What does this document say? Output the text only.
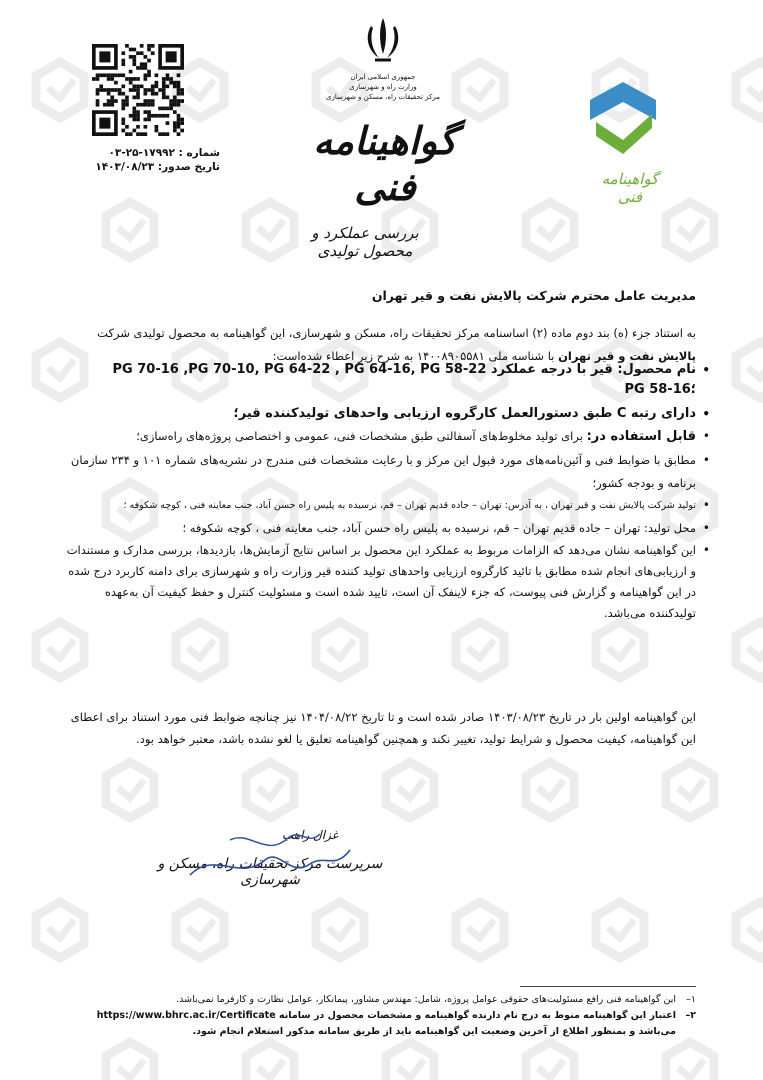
شماره : ۱۷۹۹۲-۲۵-۰۳
تاریخ صدور: ۱۴۰۳/۰۸/۲۳
جمهوری اسلامی ایران
وزارت راه و شهرسازی
مرکز تحقیقات راه، مسکن و شهرسازی
گواهینامه فنی
بررسی عملکرد و محصول تولیدی
گواهینامه فنی
مدیریت عامل محترم شرکت پالایش نفت و قیر تهران
به استناد جزء (ه) بند دوم ماده (۲) اساسنامه مرکز تحقیقات راه، مسکن و شهرسازی، این گواهینامه به محصول تولیدی شرکت پالایش نفت و قیر تهران با شناسه ملی ۱۴۰۰۸۹۰۵۵۸۱ به شرح زیر اعطاء شده‌است:
• نام محصول: قیر با درجه عملکرد PG 70-16 ,PG 70-10, PG 64-22 , PG 64-16, PG 58-22
PG 58-16؛
• دارای رتبه C طبق دستورالعمل کارگروه ارزیابی واحدهای تولیدکننده قیر؛
• قابل استفاده در: برای تولید مخلوط‌های آسفالتی طبق مشخصات فنی، عمومی و اختصاصی پروژه‌های راه‌سازی؛
• مطابق با ضوابط فنی و آئین‌نامه‌های مورد قبول این مرکز و با رعایت مشخصات فنی مندرج در نشریه‌های شماره ۱۰۱ و ۲۳۴ سازمان برنامه و بودجه کشور؛
• تولید شرکت پالایش نفت و قیر تهران ، به آدرس: تهران – جاده قدیم تهران – قم، نرسیده به پلیس راه حسن آباد، جنب معاینه فنی ، کوچه شکوفه ؛
• محل تولید: تهران – جاده قدیم تهران – قم، نرسیده به پلیس راه حسن آباد، جنب معاینه فنی ، کوچه شکوفه ؛
• این گواهینامه نشان می‌دهد که الزامات مربوط به عملکرد این محصول بر اساس نتایج آزمایش‌ها، بازدیدها، بررسی مدارک و مستندات و ارزیابی‌های انجام شده مطابق با تائید کارگروه ارزیابی واحدهای تولید کننده قیر وزارت راه و شهرسازی برای دامنه کاربرد درج شده در این گواهینامه و گزارش فنی پیوست، که جزء لاینفک آن است، تایید شده است و مسئولیت کنترل و حفظ کیفیت آن به‌عهده تولیدکننده می‌باشد.
این گواهینامه اولین بار در تاریخ ۱۴۰۳/۰۸/۲۳ صادر شده است و تا تاریخ ۱۴۰۴/۰۸/۲۲ نیز چنانچه ضوابط فنی مورد استناد برای اعطای این گواهینامه، کیفیت محصول و شرایط تولید، تغییر نکند و همچنین گواهینامه تعلیق یا لغو نشده باشد، معتبر خواهد بود.
غزال راهب
سرپرست مرکز تحقیقات راه، مسکن و شهرسازی
۱–
این گواهینامه فنی رافع مسئولیت‌های حقوقی عوامل پروژه، شامل: مهندس مشاور، پیمانکار، عوامل نظارت و کارفرما نمی‌باشد.
۲–
اعتبار این گواهینامه منوط به درج نام دارنده گواهینامه و مشخصات محصول در سامانه https://www.bhrc.ac.ir/Certificate می‌باشد و بمنظور اطلاع از آخرین وضعیت این گواهینامه باید از طریق سامانه مذکور استعلام انجام شود.
